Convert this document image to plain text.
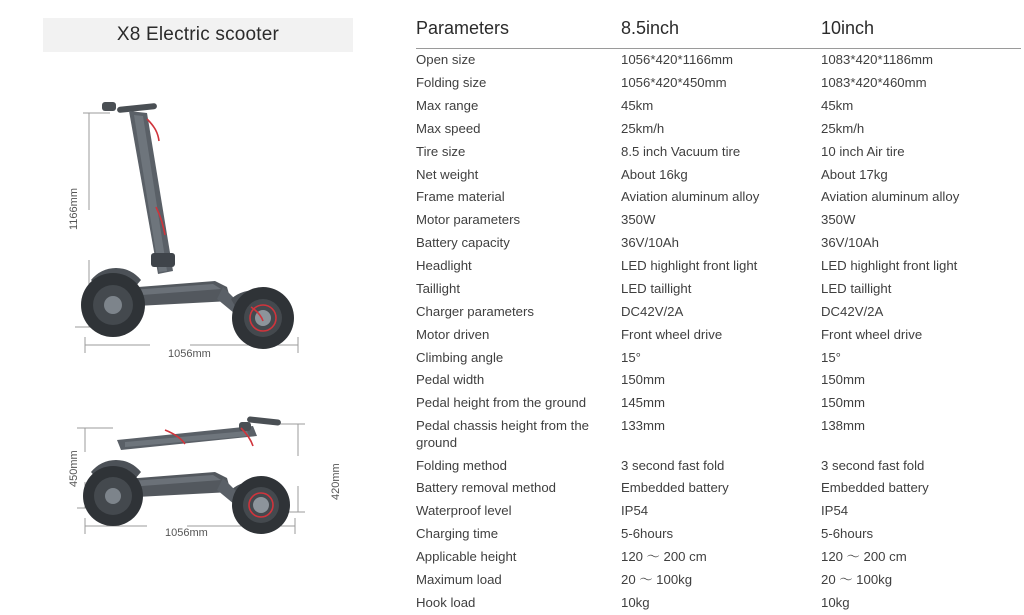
X8 Electric scooter
1166mm
1056mm
450mm	420mm
1056mm
Parameters	8.5inch	10inch
Open size	1056*420*1166mm	1083*420*1186mm
Folding size	1056*420*450mm	1083*420*460mm
Max range	45km	45km
Max speed	25km/h	25km/h
Tire size	8.5 inch Vacuum tire	10 inch Air tire
Net weight	About 16kg	About 17kg
Frame material	Aviation aluminum alloy	Aviation aluminum alloy
Motor parameters	350W	350W
Battery capacity	36V/10Ah	36V/10Ah
Headlight	LED highlight front light	LED highlight front light
Taillight	LED taillight	LED taillight
Charger parameters	DC42V/2A	DC42V/2A
Motor driven	Front wheel drive	Front wheel drive
Climbing angle	15°	15°
Pedal width	150mm	150mm
Pedal height from the ground	145mm	150mm
Pedal chassis height from the ground	133mm	138mm
Folding method	3 second fast fold	3 second fast fold
Battery removal method	Embedded battery	Embedded battery
Waterproof level	IP54	IP54
Charging time	5-6hours	5-6hours
Applicable height	120 ～ 200 cm	120 ～ 200 cm
Maximum load	20 ～ 100kg	20 ～ 100kg
Hook load	10kg	10kg
